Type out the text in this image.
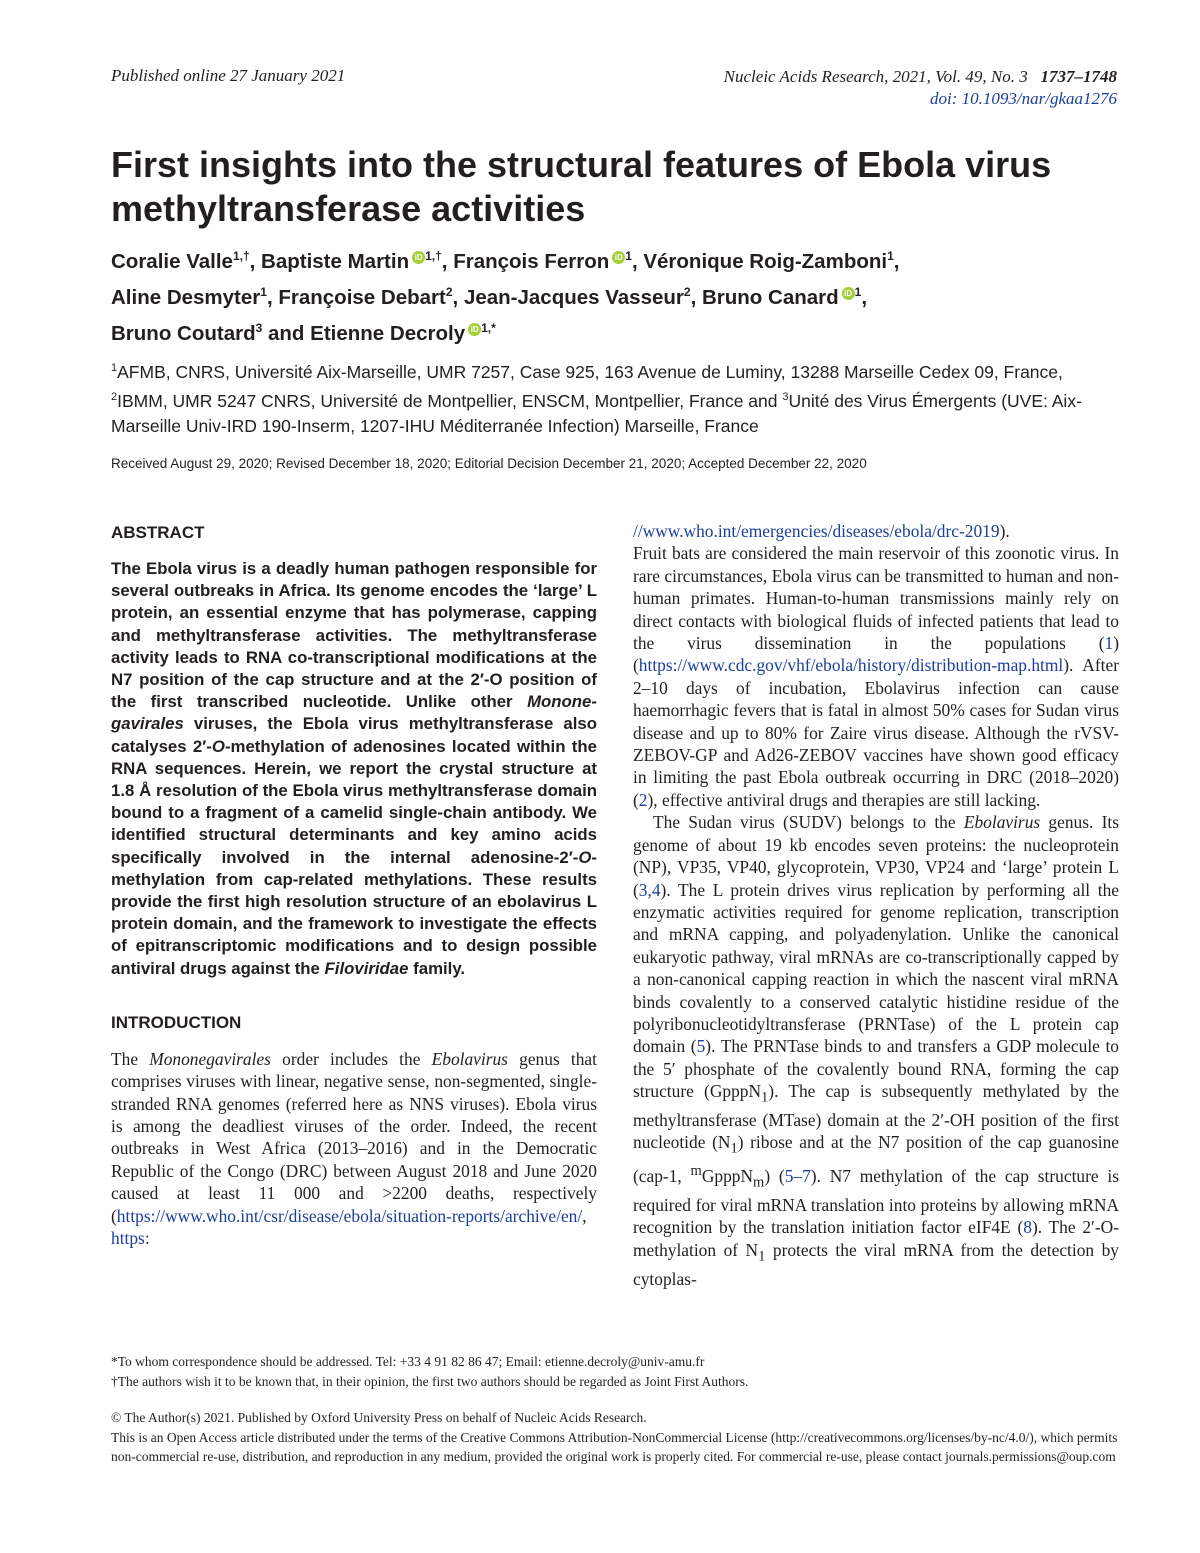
Published online 27 January 2021	Nucleic Acids Research, 2021, Vol. 49, No. 3 1737–1748
doi: 10.1093/nar/gkaa1276
First insights into the structural features of Ebola virus methyltransferase activities
Coralie Valle$^{1,\dagger}$, Baptiste Martin iD $^{1,\dagger}$, François Ferron iD $^1$, Véronique Roig-Zamboni$^1$,
Aline Desmyter$^1$, Françoise Debart$^2$, Jean-Jacques Vasseur$^2$, Bruno Canard iD $^1$,
Bruno Coutard$^3$ and Etienne Decroly iD $^{1,*}$
$^1$AFMB, CNRS, Université Aix-Marseille, UMR 7257, Case 925, 163 Avenue de Luminy, 13288 Marseille Cedex 09, France, $^2$IBMM, UMR 5247 CNRS, Université de Montpellier, ENSCM, Montpellier, France and $^3$Unité des Virus Émergents (UVE: Aix-Marseille Univ-IRD 190-Inserm, 1207-IHU Méditerranée Infection) Marseille, France
Received August 29, 2020; Revised December 18, 2020; Editorial Decision December 21, 2020; Accepted December 22, 2020
ABSTRACT

The Ebola virus is a deadly human pathogen responsible for several outbreaks in Africa. Its genome encodes the ‘large’ L protein, an essential enzyme that has polymerase, capping and methyltransferase activities. The methyltransferase activity leads to RNA co-transcriptional modifications at the N7 position of the cap structure and at the 2′-O position of the first transcribed nucleotide. Unlike other Mononegavirales viruses, the Ebola virus methyltransferase also catalyses 2′-O-methylation of adenosines located within the RNA sequences. Herein, we report the crystal structure at 1.8 Å resolution of the Ebola virus methyltransferase domain bound to a fragment of a camelid single-chain antibody. We identified structural determinants and key amino acids specifically involved in the internal adenosine-2′-O-methylation from cap-related methylations. These results provide the first high resolution structure of an ebolavirus L protein domain, and the framework to investigate the effects of epitranscriptomic modifications and to design possible antiviral drugs against the Filoviridae family.

INTRODUCTION

The Mononegavirales order includes the Ebolavirus genus that comprises viruses with linear, negative sense, non-segmented, single-stranded RNA genomes (referred here as NNS viruses). Ebola virus is among the deadliest viruses of the order. Indeed, the recent outbreaks in West Africa (2013–2016) and in the Democratic Republic of the Congo (DRC) between August 2018 and June 2020 caused at least 11 000 and >2200 deaths, respectively (https://www.who.int/csr/disease/ebola/situation-reports/archive/en/, https:

//www.who.int/emergencies/diseases/ebola/drc-2019).

Fruit bats are considered the main reservoir of this zoonotic virus. In rare circumstances, Ebola virus can be transmitted to human and non-human primates. Human-to-human transmissions mainly rely on direct contacts with biological fluids of infected patients that lead to the virus dissemination in the populations (1) (https://www.cdc.gov/vhf/ebola/history/distribution-map.html). After 2–10 days of incubation, Ebolavirus infection can cause haemorrhagic fevers that is fatal in almost 50% cases for Sudan virus disease and up to 80% for Zaire virus disease. Although the rVSV-ZEBOV-GP and Ad26-ZEBOV vaccines have shown good efficacy in limiting the past Ebola outbreak occurring in DRC (2018–2020) (2), effective antiviral drugs and therapies are still lacking.

The Sudan virus (SUDV) belongs to the Ebolavirus genus. Its genome of about 19 kb encodes seven proteins: the nucleoprotein (NP), VP35, VP40, glycoprotein, VP30, VP24 and ‘large’ protein L (3,4). The L protein drives virus replication by performing all the enzymatic activities required for genome replication, transcription and mRNA capping, and polyadenylation. Unlike the canonical eukaryotic pathway, viral mRNAs are co-transcriptionally capped by a non-canonical capping reaction in which the nascent viral mRNA binds covalently to a conserved catalytic histidine residue of the polyribonucleotidyltransferase (PRNTase) of the L protein cap domain (5). The PRNTase binds to and transfers a GDP molecule to the 5′ phosphate of the covalently bound RNA, forming the cap structure (GpppN$_1$). The cap is subsequently methylated by the methyltransferase (MTase) domain at the 2′-OH position of the first nucleotide $(N_1)$ ribose and at the N7 position of the cap guanosine (cap-1, $^m$GpppN$_m$) (5–7). N7 methylation of the cap structure is required for viral mRNA translation into proteins by allowing mRNA recognition by the translation initiation factor eIF4E (8). The 2′-O-methylation of $N_1$ protects the viral mRNA from the detection by cytoplas-

*To whom correspondence should be addressed. Tel: +33 4 91 82 86 47; Email: etienne.decroly@univ-amu.fr

†The authors wish it to be known that, in their opinion, the first two authors should be regarded as Joint First Authors.

© The Author(s) 2021. Published by Oxford University Press on behalf of Nucleic Acids Research.

This is an Open Access article distributed under the terms of the Creative Commons Attribution-NonCommercial License (http://creativecommons.org/licenses/by-nc/4.0/), which permits non-commercial re-use, distribution, and reproduction in any medium, provided the original work is properly cited. For commercial re-use, please contact journals.permissions@oup.com
